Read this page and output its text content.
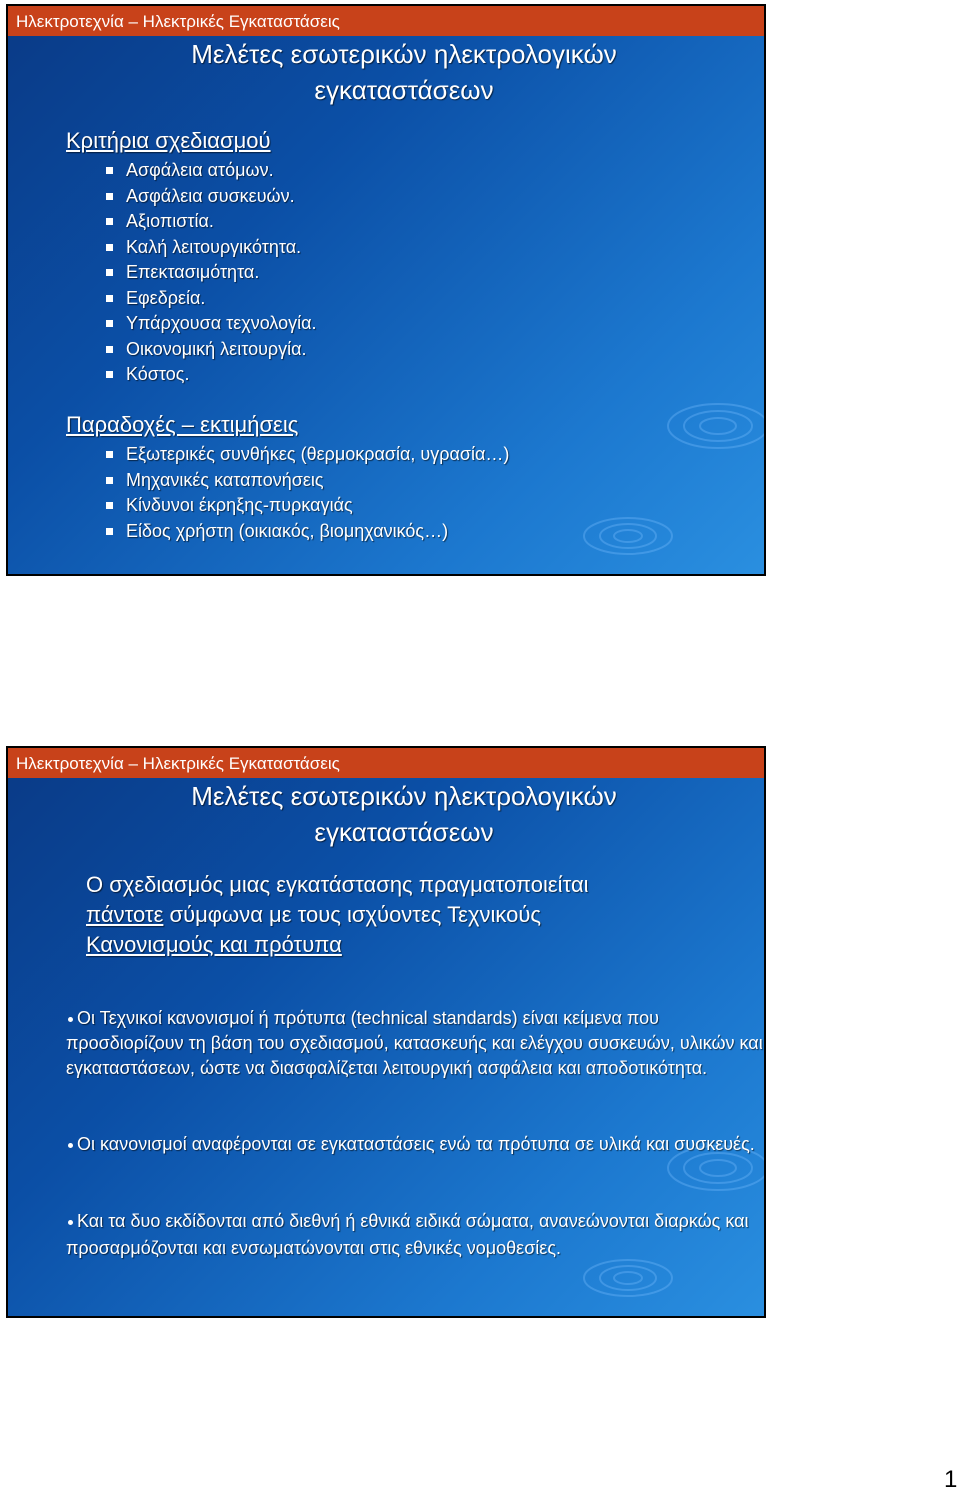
Ηλεκτροτεχνία – Ηλεκτρικές Εγκαταστάσεις
Μελέτες εσωτερικών ηλεκτρολογικών
εγκαταστάσεων
Κριτήρια σχεδιασμού
Ασφάλεια ατόμων.
Ασφάλεια συσκευών.
Αξιοπιστία.
Καλή λειτουργικότητα.
Επεκτασιμότητα.
Εφεδρεία.
Υπάρχουσα τεχνολογία.
Οικονομική λειτουργία.
Κόστος.
Παραδοχές – εκτιμήσεις
Εξωτερικές συνθήκες (θερμοκρασία, υγρασία…)
Μηχανικές καταπονήσεις
Κίνδυνοι έκρηξης-πυρκαγιάς
Είδος χρήστη (οικιακός, βιομηχανικός…)
Ηλεκτροτεχνία – Ηλεκτρικές Εγκαταστάσεις
Μελέτες εσωτερικών ηλεκτρολογικών
εγκαταστάσεων
Ο σχεδιασμός μιας εγκατάστασης πραγματοποιείται
πάντοτε σύμφωνα με τους ισχύοντες Τεχνικούς
Κανονισμούς και πρότυπα
Οι Τεχνικοί κανονισμοί ή πρότυπα (technical standards) είναι κείμενα που προσδιορίζουν τη βάση του σχεδιασμού, κατασκευής και ελέγχου συσκευών, υλικών και εγκαταστάσεων, ώστε να διασφαλίζεται λειτουργική ασφάλεια και αποδοτικότητα.
Οι κανονισμοί αναφέρονται σε εγκαταστάσεις ενώ τα πρότυπα σε υλικά και συσκευές.
Και τα δυο εκδίδονται από διεθνή ή εθνικά ειδικά σώματα, ανανεώνονται διαρκώς και προσαρμόζονται και ενσωματώνονται στις εθνικές νομοθεσίες.
1
